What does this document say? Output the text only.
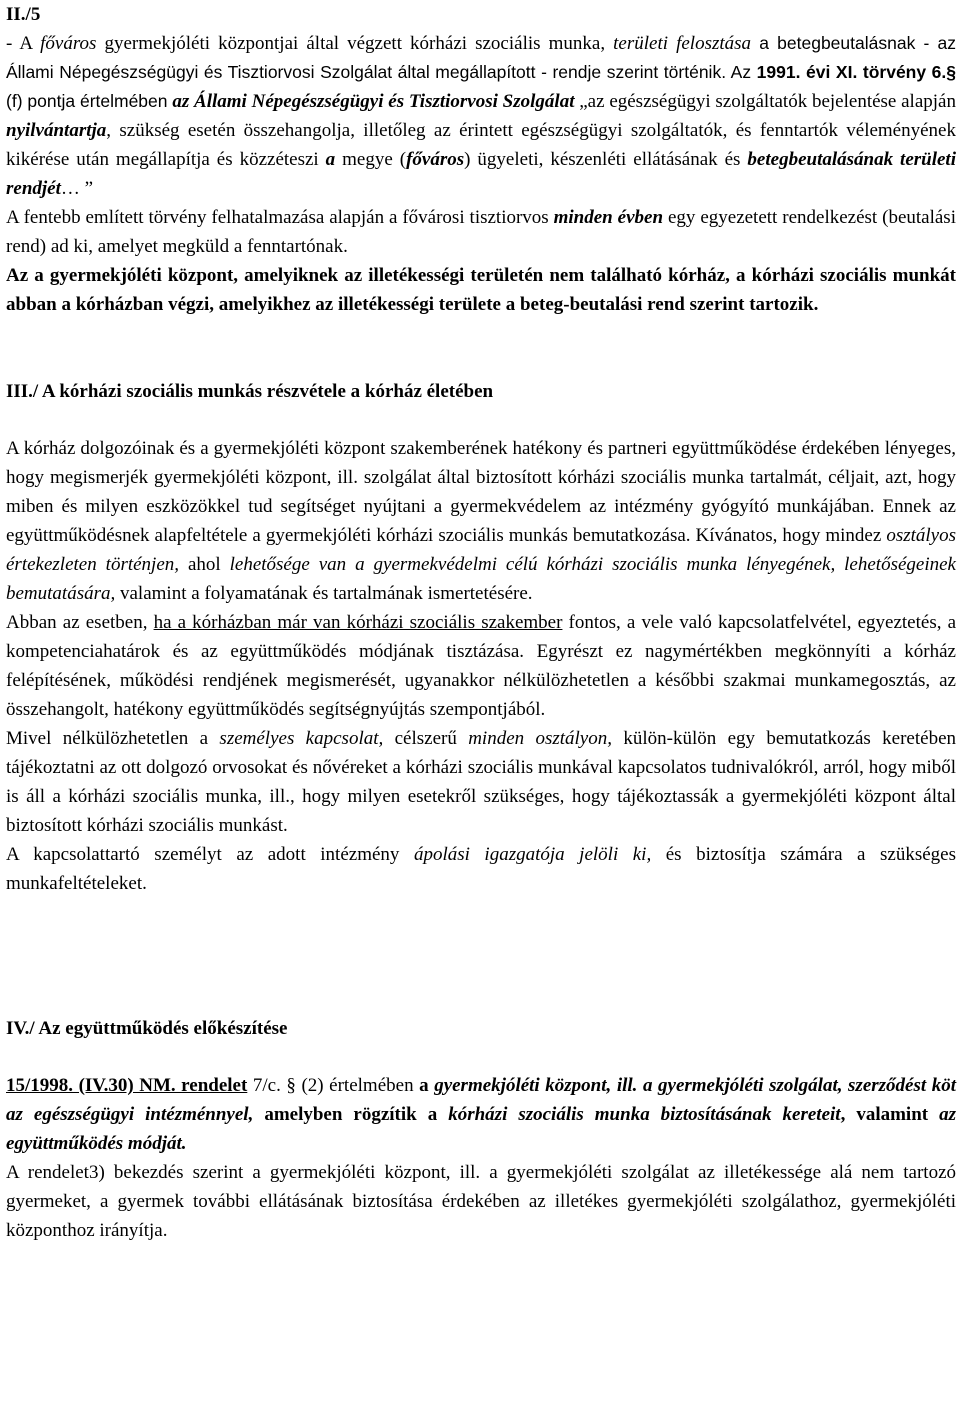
II./5

- A főváros gyermekjóléti központjai által végzett kórházi szociális munka, területi felosztása a betegbeutalásnak - az Állami Népegészségügyi és Tisztiorvosi Szolgálat által megállapított - rendje szerint történik. Az 1991. évi XI. törvény 6.§ (f) pontja értelmében az Állami Népegészségügyi és Tisztiorvosi Szolgálat „az egészségügyi szolgáltatók bejelentése alapján nyilvántartja, szükség esetén összehangolja, illetőleg az érintett egészségügyi szolgáltatók, és fenntartók véleményének kikérése után megállapítja és közzéteszi a megye (főváros) ügyeleti, készenléti ellátásának és betegbeutalásának területi rendjét… ”

A fentebb említett törvény felhatalmazása alapján a fővárosi tisztiorvos minden évben egy egyezetett rendelkezést (beutalási rend) ad ki, amelyet megküld a fenntartónak.

Az a gyermekjóléti központ, amelyiknek az illetékességi területén nem található kórház, a kórházi szociális munkát abban a kórházban végzi, amelyikhez az illetékességi területe a beteg-beutalási rend szerint tartozik.

III./ A kórházi szociális munkás részvétele a kórház életében

A kórház dolgozóinak és a gyermekjóléti központ szakemberének hatékony és partneri együttműködése érdekében lényeges, hogy megismerjék gyermekjóléti központ, ill. szolgálat által biztosított kórházi szociális munka tartalmát, céljait, azt, hogy miben és milyen eszközökkel tud segítséget nyújtani a gyermekvédelem az intézmény gyógyító munkájában. Ennek az együttműködésnek alapfeltétele a gyermekjóléti kórházi szociális munkás bemutatkozása. Kívánatos, hogy mindez osztályos értekezleten történjen, ahol lehetősége van a gyermekvédelmi célú kórházi szociális munka lényegének, lehetőségeinek bemutatására, valamint a folyamatának és tartalmának ismertetésére.

Abban az esetben, ha a kórházban már van kórházi szociális szakember fontos, a vele való kapcsolatfelvétel, egyeztetés, a kompetenciahatárok és az együttműködés módjának tisztázása. Egyrészt ez nagymértékben megkönnyíti a kórház felépítésének, működési rendjének megismerését, ugyanakkor nélkülözhetetlen a későbbi szakmai munkamegosztás, az összehangolt, hatékony együttműködés segítségnyújtás szempontjából.

Mivel nélkülözhetetlen a személyes kapcsolat, célszerű minden osztályon, külön-külön egy bemutatkozás keretében tájékoztatni az ott dolgozó orvosokat és nővéreket a kórházi szociális munkával kapcsolatos tudnivalókról, arról, hogy miből is áll a kórházi szociális munka, ill., hogy milyen esetekről szükséges, hogy tájékoztassák a gyermekjóléti központ által biztosított kórházi szociális munkást.

A kapcsolattartó személyt az adott intézmény ápolási igazgatója jelöli ki, és biztosítja számára a szükséges munkafeltételeket.

IV./ Az együttműködés előkészítése

15/1998. (IV.30) NM. rendelet 7/c. § (2) értelmében a gyermekjóléti központ, ill. a gyermekjóléti szolgálat, szerződést köt az egészségügyi intézménnyel, amelyben rögzítik a kórházi szociális munka biztosításának kereteit, valamint az együttműködés módját.

A rendelet3) bekezdés szerint a gyermekjóléti központ, ill. a gyermekjóléti szolgálat az illetékessége alá nem tartozó gyermeket, a gyermek további ellátásának biztosítása érdekében az illetékes gyermekjóléti szolgálathoz, gyermekjóléti központhoz irányítja.
